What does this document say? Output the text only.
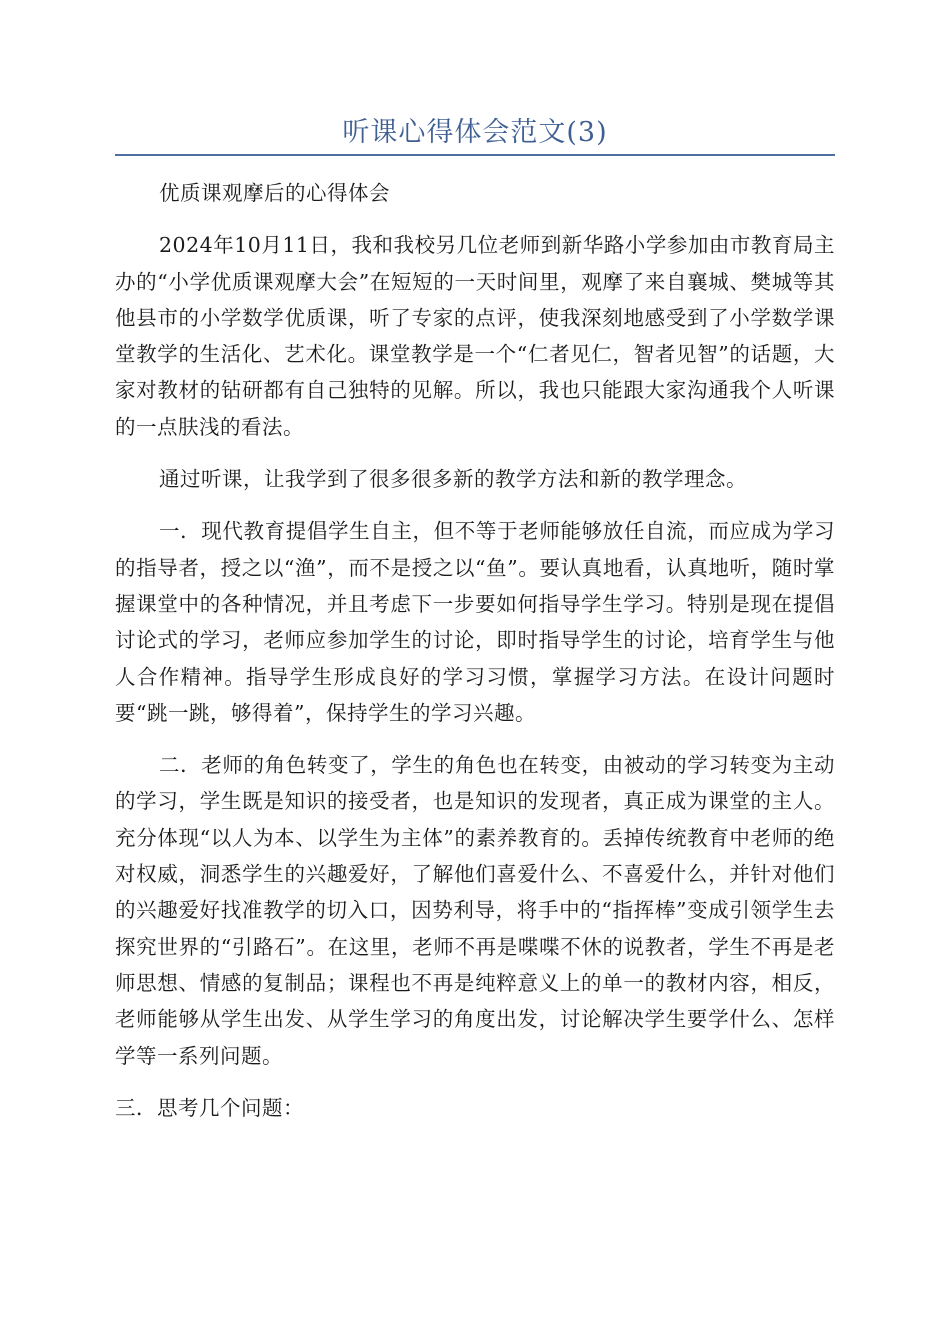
听课心得体会范文(3)

优质课观摩后的心得体会

2024年10月11日，我和我校另几位老师到新华路小学参加由市教育局主办的“小学优质课观摩大会”在短短的一天时间里，观摩了来自襄城、樊城等其他县市的小学数学优质课，听了专家的点评，使我深刻地感受到了小学数学课堂教学的生活化、艺术化。课堂教学是一个“仁者见仁，智者见智”的话题，大家对教材的钻研都有自己独特的见解。所以，我也只能跟大家沟通我个人听课的一点肤浅的看法。

通过听课，让我学到了很多很多新的教学方法和新的教学理念。

一．现代教育提倡学生自主，但不等于老师能够放任自流，而应成为学习的指导者，授之以“渔”，而不是授之以“鱼”。要认真地看，认真地听，随时掌握课堂中的各种情况，并且考虑下一步要如何指导学生学习。特别是现在提倡讨论式的学习，老师应参加学生的讨论，即时指导学生的讨论，培育学生与他人合作精神。指导学生形成良好的学习习惯，掌握学习方法。在设计问题时要“跳一跳，够得着”，保持学生的学习兴趣。

二．老师的角色转变了，学生的角色也在转变，由被动的学习转变为主动的学习，学生既是知识的接受者，也是知识的发现者，真正成为课堂的主人。充分体现“以人为本、以学生为主体”的素养教育的。丢掉传统教育中老师的绝对权威，洞悉学生的兴趣爱好，了解他们喜爱什么、不喜爱什么，并针对他们的兴趣爱好找准教学的切入口，因势利导，将手中的“指挥棒”变成引领学生去探究世界的“引路石”。在这里，老师不再是喋喋不休的说教者，学生不再是老师思想、情感的复制品；课程也不再是纯粹意义上的单一的教材内容，相反，老师能够从学生出发、从学生学习的角度出发，讨论解决学生要学什么、怎样学等一系列问题。

三．思考几个问题：
